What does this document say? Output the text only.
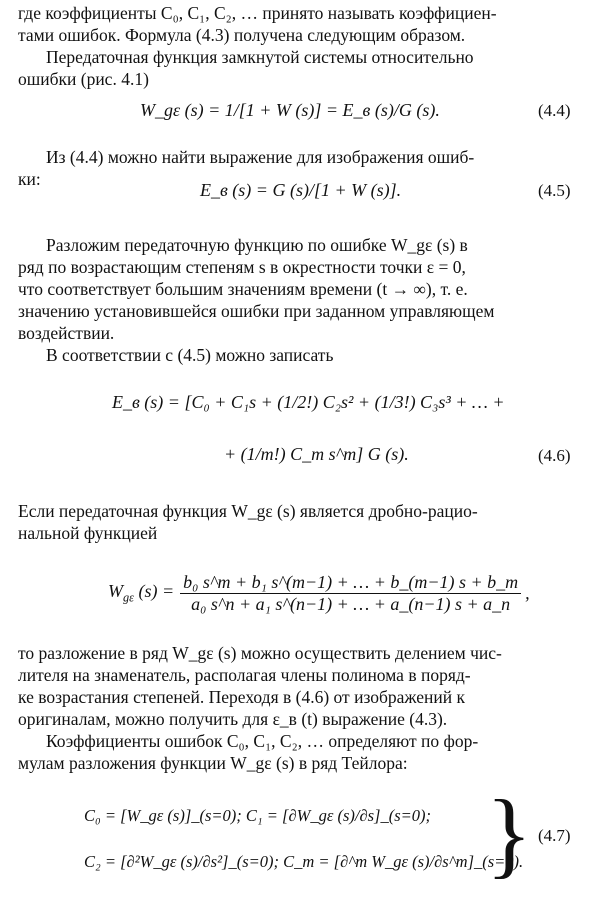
где коэффициенты C₀, C₁, C₂, … принято называть коэффициен-
тами ошибок. Формула (4.3) получена следующим образом.
Передаточная функция замкнутой системы относительно
ошибки (рис. 4.1)
W_gε (s) = 1/[1 + W (s)] = E_в (s)/G (s).	(4.4)
Из (4.4) можно найти выражение для изображения ошиб-
ки:
E_в (s) = G (s)/[1 + W (s)].	(4.5)
Разложим передаточную функцию по ошибке W_gε (s) в
ряд по возрастающим степеням s в окрестности точки ε = 0,
что соответствует большим значениям времени (t → ∞), т. е.
значению установившейся ошибки при заданном управляющем
воздействии.
В соответствии с (4.5) можно записать
E_в (s) = [C₀ + C₁s + (1/2!) C₂s² + (1/3!) C₃s³ + … +
+ (1/m!) C_m s^m] G (s).	(4.6)
Если передаточная функция W_gε (s) является дробно-рацио-
нальной функцией
$W_{g\varepsilon}$ $(s) = \frac{\text{b₀ s\textasciicircum{}m + b₁ s\textasciicircum{}(m−1) + … + b\_(m−1) s + b\_m}}{\text{a₀ s\textasciicircum{}n + a₁ s\textasciicircum{}(n−1) + … + a\_(n−1) s + a\_n}}$ ,
то разложение в ряд W_gε (s) можно осуществить делением чис-
лителя на знаменатель, располагая члены полинома в поряд-
ке возрастания степеней. Переходя в (4.6) от изображений к
оригиналам, можно получить для ε_в (t) выражение (4.3).
Коэффициенты ошибок C₀, C₁, C₂, … определяют по фор-
мулам разложения функции W_gε (s) в ряд Тейлора:
C₀ = [W_gε (s)]_(s=0); C₁ = [∂W_gε (s)/∂s]_(s=0);
C₂ = [∂²W_gε (s)/∂s²]_(s=0); C_m = [∂^m W_gε (s)/∂s^m]_(s=0).
} (4.7)
